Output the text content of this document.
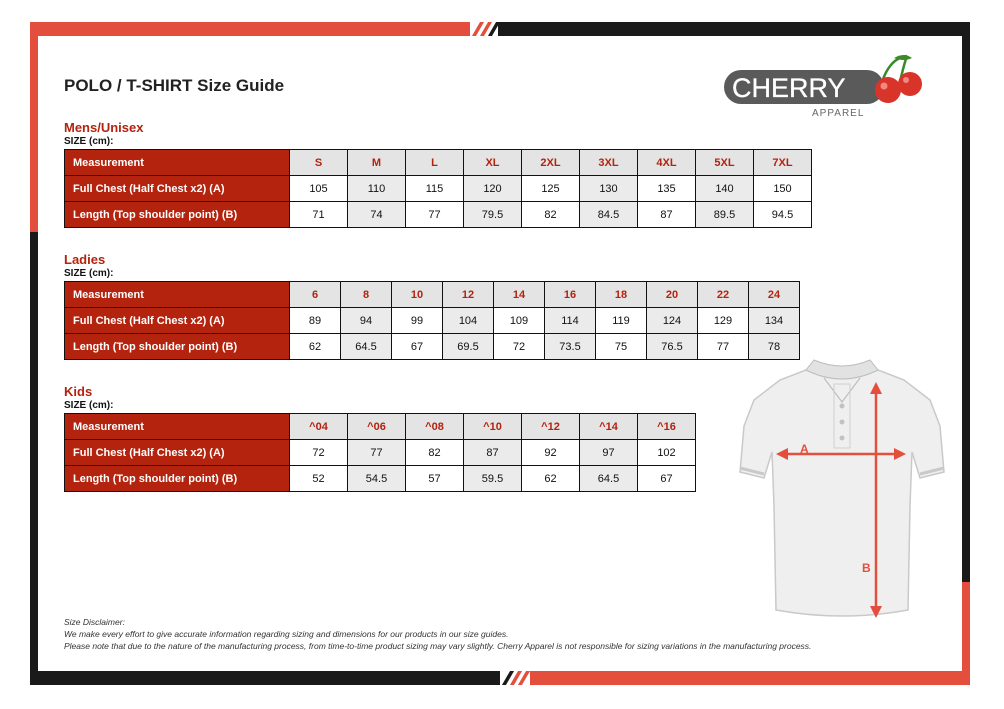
POLO / T-SHIRT Size Guide	CHERRY
APPAREL
Mens/Unisex
SIZE (cm):
Measurement	S	M	L	XL	2XL	3XL	4XL	5XL	7XL
Full Chest (Half Chest x2) (A)	105	110	115	120	125	130	135	140	150
Length (Top shoulder point) (B)	71	74	77	79.5	82	84.5	87	89.5	94.5
Ladies
SIZE (cm):
Measurement	6	8	10	12	14	16	18	20	22	24
Full Chest (Half Chest x2) (A)	89	94	99	104	109	114	119	124	129	134
Length (Top shoulder point) (B)	62	64.5	67	69.5	72	73.5	75	76.5	77	78
Kids
SIZE (cm):
Measurement	^04	^06	^08	^10	^12	^14	^16
Full Chest (Half Chest x2) (A)	72	77	82	87	92	97	102
Length (Top shoulder point) (B)	52	54.5	57	59.5	62	64.5	67
A
B
Size Disclaimer:
We make every effort to give accurate information regarding sizing and dimensions for our products in our size guides.
Please note that due to the nature of the manufacturing process, from time-to-time product sizing may vary slightly. Cherry Apparel is not responsible for sizing variations in the manufacturing process.
